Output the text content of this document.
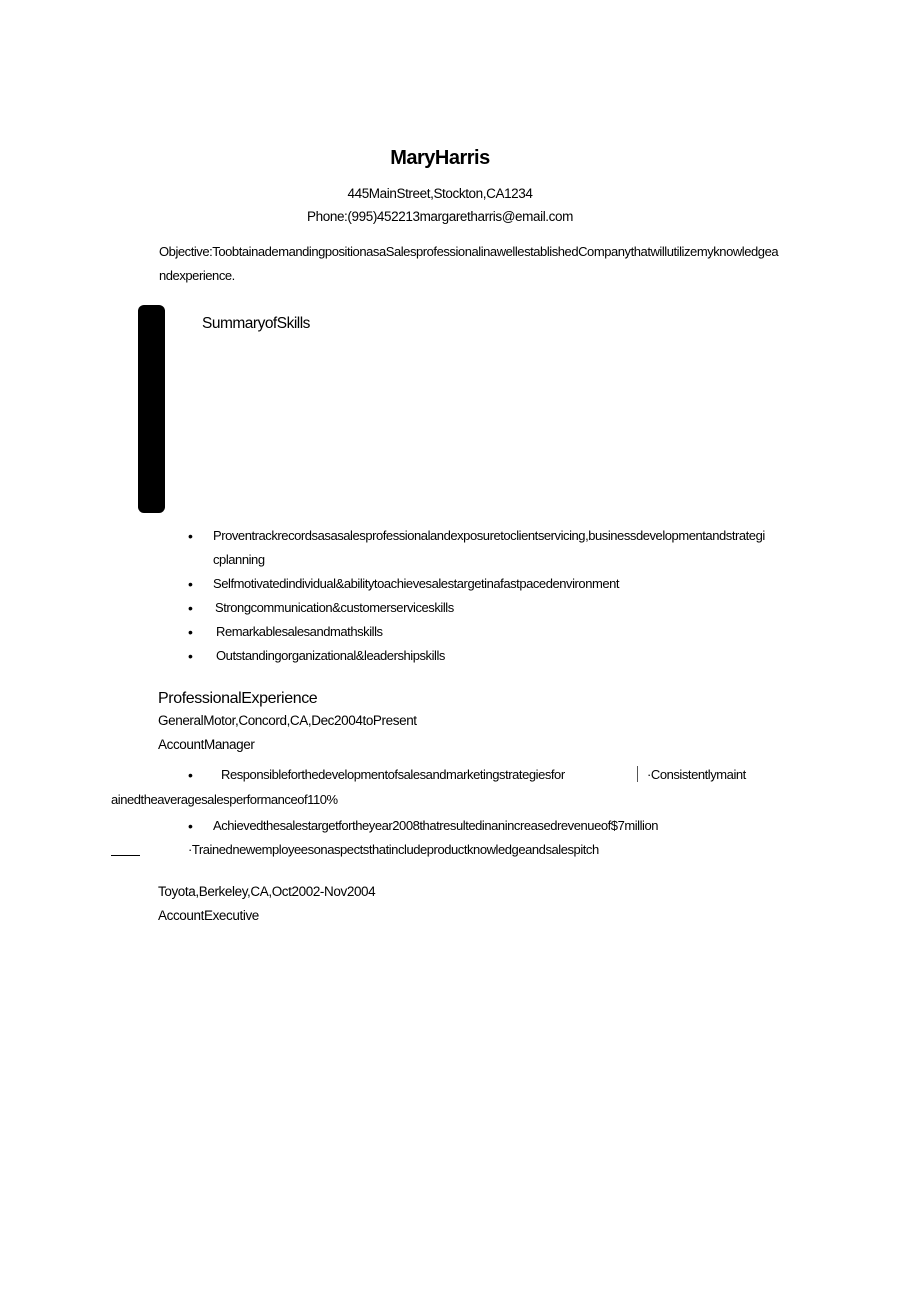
MaryHarris
445MainStreet,Stockton,CA1234
Phone:(995)452213margaretharris@email.com
Objective:ToobtainademandingpositionasaSalesprofessionalinawellestablishedCompanythatwillutilizemyknowledgeandexperience.
SummaryofSkills
• Proventrackrecordsasasalesprofessionalandexposuretoclientservicing,businessdevelopmentandstrategicplanning
• Selfmotivatedindividual&abilitytoachievesalestargetinafastpacedenvironment
• Strongcommunication&customerserviceskills
• Remarkablesalesandmathskills
• Outstandingorganizational&leadershipskills
ProfessionalExperience
GeneralMotor,Concord,CA,Dec2004toPresent
AccountManager
• Responsibleforthedevelopmentofsalesandmarketingstrategiesfor	·Consistentlymaint
ainedtheaveragesalesperformanceof110%
• Achievedthesalestargetfortheyear2008thatresultedinanincreasedrevenueof$7million
·Trainednewemployeesonaspectsthatincludeproductknowledgeandsalespitch
Toyota,Berkeley,CA,Oct2002-Nov2004
AccountExecutive
